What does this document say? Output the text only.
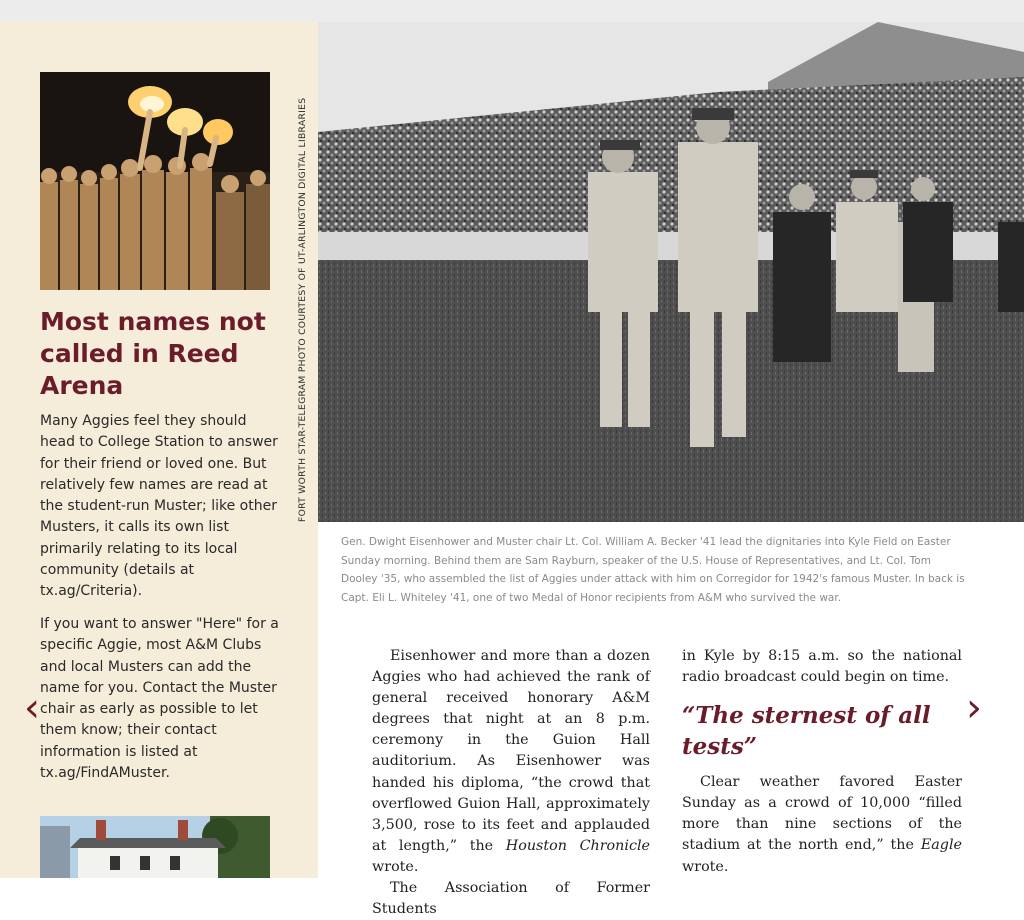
Most names not called in Reed Arena

Many Aggies feel they should head to College Station to answer for their friend or loved one. But relatively few names are read at the student-run Muster; like other Musters, it calls its own list primarily relating to its local community (details at tx.ag/Criteria).

If you want to answer "Here" for a specific Aggie, most A&M Clubs and local Musters can add the name for you. Contact the Muster chair as early as possible to let them know; their contact information is listed at tx.ag/FindAMuster.

FORT WORTH STAR-TELEGRAM PHOTO COURTESY OF UT-ARLINGTON DIGITAL LIBRARIES

Gen. Dwight Eisenhower and Muster chair Lt. Col. William A. Becker '41 lead the dignitaries into Kyle Field on Easter Sunday morning. Behind them are Sam Rayburn, speaker of the U.S. House of Representatives, and Lt. Col. Tom Dooley '35, who assembled the list of Aggies under attack with him on Corregidor for 1942's famous Muster. In back is Capt. Eli L. Whiteley '41, one of two Medal of Honor recipients from A&M who survived the war.

Eisenhower and more than a dozen Aggies who had achieved the rank of general received honorary A&M degrees that night at an 8 p.m. ceremony in the Guion Hall auditorium. As Eisenhower was handed his diploma, “the crowd that overflowed Guion Hall, approximately 3,500, rose to its feet and applauded at length,” the Houston Chronicle wrote.

The Association of Former Students

in Kyle by 8:15 a.m. so the national radio broadcast could begin on time.

“The sternest of all tests”

Clear weather favored Easter Sunday as a crowd of 10,000 “filled more than nine sections of the stadium at the north end,” the Eagle wrote.

‹	›
